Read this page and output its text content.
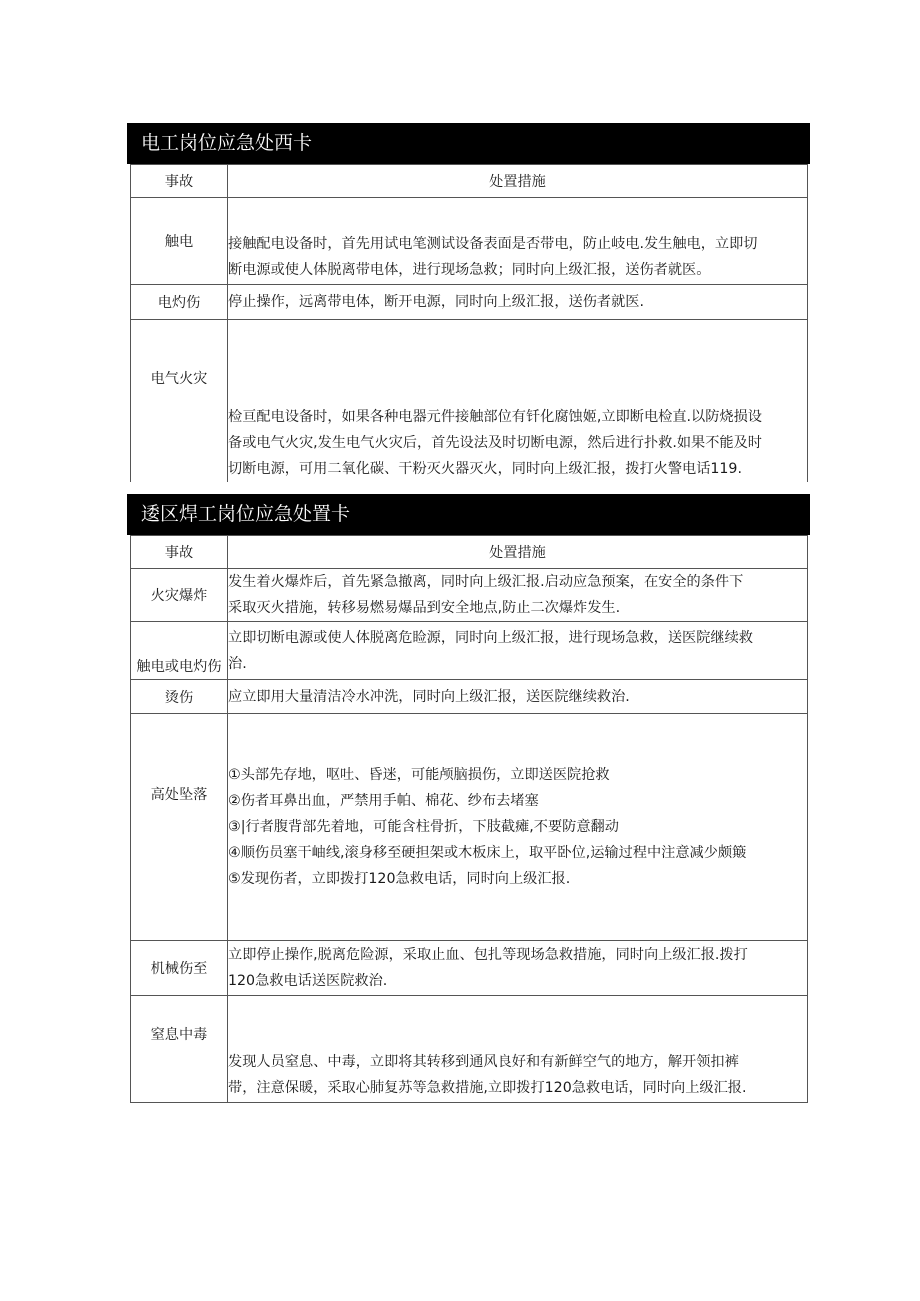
电工岗位应急处西卡
事故	处置措施
触电	接触配电设备时，首先用试电笔测试设备表面是否带电，防止岐电.发生触电，立即切
断电源或使人体脱离带电体，进行现场急救；同时向上级汇报，送伤者就医。

电灼伤	停止操作，远离带电体，断开电源，同时向上级汇报，送伤者就医.

电气火灾	检亘配电设备时，如果各种电器元件接触部位有钎化腐蚀姬,立即断电检直.以防烧损设
备或电气火灾,发生电气火灾后，首先设法及时切断电源，然后进行扑救.如果不能及时
切断电源，可用二氧化碳、干粉灭火器灭火，同时向上级汇报，拨打火警电话119.
逶区焊工岗位应急处置卡
事故	处置措施
火灾爆炸	发生着火爆炸后，首先紧急撤离，同时向上级汇报.启动应急预案，在安全的条件下
采取灭火措施，转移易燃易爆品到安全地点,防止二次爆炸发生.

触电或电灼伤	立即切断电源或使人体脱离危睑源，同时向上级汇报，进行现场急救，送医院继续救
治.

烫伤	应立即用大量清洁冷水冲洗，同时向上级汇报，送医院继续救治.

高处坠落	①头部先存地，呕吐、昏迷，可能颅脑损伤，立即送医院抢救
②伤者耳鼻出血，严禁用手帕、棉花、纱布去堵塞
③|行者腹背部先着地，可能含柱骨折，下肢截瘫,不要防意翻动
④顺伤员塞干岫线,滚身移至硬担架或木板床上，取平卧位,运输过程中注意减少颇簸
⑤发现伤者，立即拨打120急救电话，同时向上级汇报.

机械伤至	立即停止操作,脱离危险源，采取止血、包扎等现场急救措施，同时向上级汇报.拨打
120急救电话送医院救治.

窒息中毒	发现人员窒息、中毒，立即将其转移到通风良好和有新鲜空气的地方，解开领扣裤
带，注意保暖，采取心肺复苏等急救措施,立即拨打120急救电话，同时向上级汇报.
